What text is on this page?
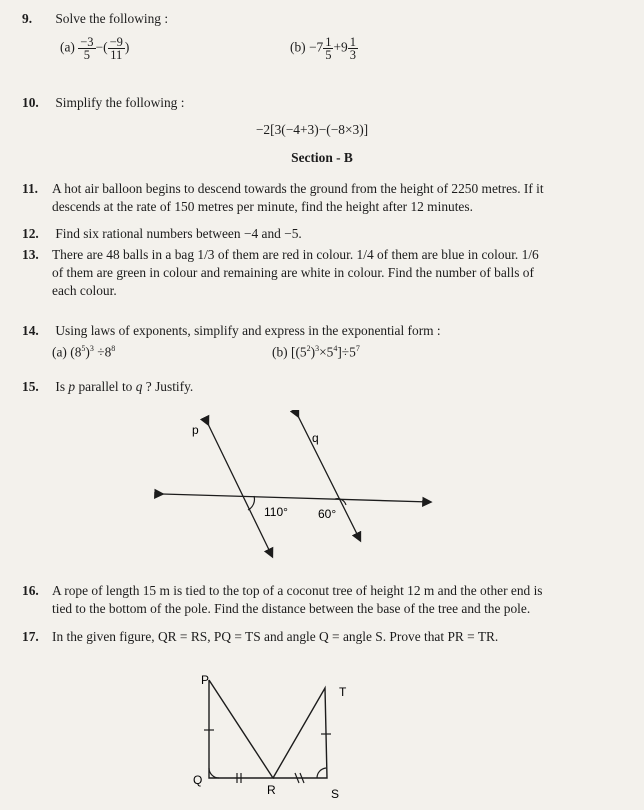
9. Solve the following :
$(a) \frac{-3}{5}$ −( $\frac{-9}{11}$ )	$(b) -7 \frac{1}{5} +9 \frac{1}{3}$
10. Simplify the following :
−2[3(−4+3)−(−8×3)]
Section - B
11. A hot air balloon begins to descend towards the ground from the height of 2250 metres. If it
descends at the rate of 150 metres per minute, find the height after 12 minutes.
12. Find six rational numbers between −4 and −5.
13. There are 48 balls in a bag 1/3 of them are red in colour. 1/4 of them are blue in colour. 1/6
of them are green in colour and remaining are white in colour. Find the number of balls of
each colour.
14. Using laws of exponents, simplify and express in the exponential form :
(a) $(8^5)^3 \div 8^8$	(b) $[(5^2)^3\times 5^4]\div 5^7$
15. Is p parallel to q ? Justify.
p
q
110°	60°
16. A rope of length 15 m is tied to the top of a coconut tree of height 12 m and the other end is
tied to the bottom of the pole. Find the distance between the base of the tree and the pole.
17. In the given figure, QR = RS, PQ = TS and angle Q = angle S. Prove that PR = TR.
P
T
Q
R	S
